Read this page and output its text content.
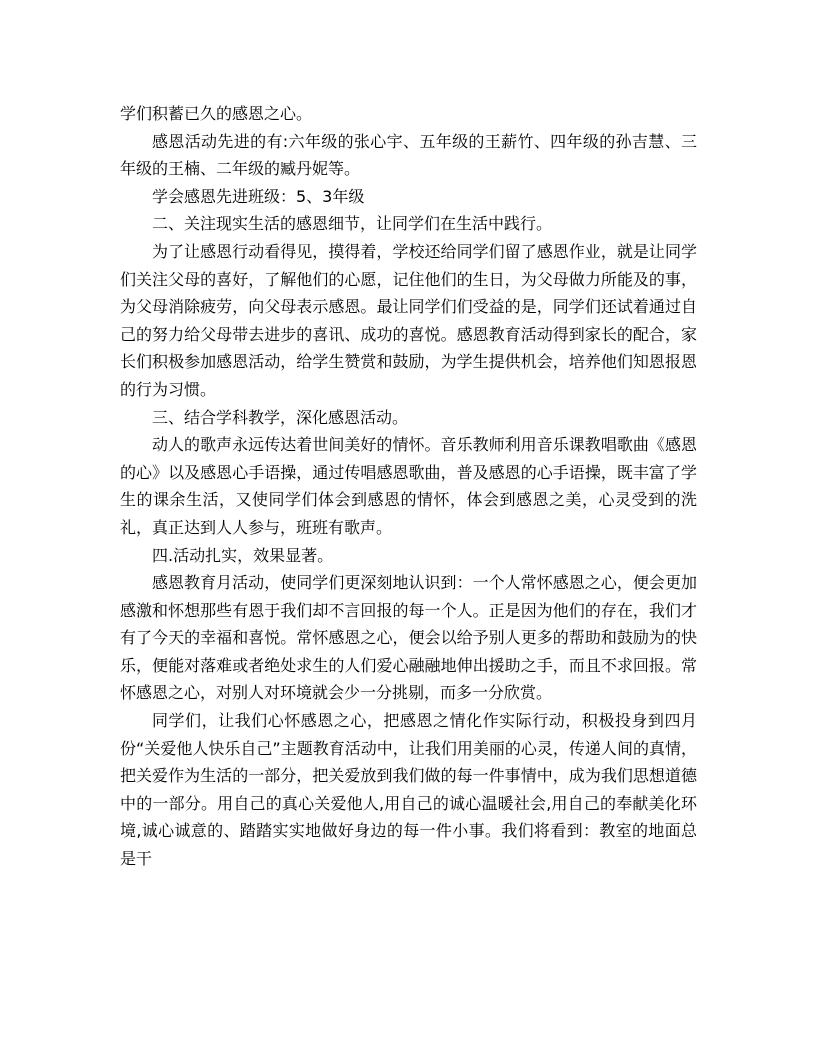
学们积蓄已久的感恩之心。

感恩活动先进的有:六年级的张心宇、五年级的王薪竹、四年级的孙吉慧、三年级的王楠、二年级的臧丹妮等。

学会感恩先进班级：5、3年级

二、关注现实生活的感恩细节，让同学们在生活中践行。

为了让感恩行动看得见，摸得着，学校还给同学们留了感恩作业，就是让同学们关注父母的喜好，了解他们的心愿，记住他们的生日，为父母做力所能及的事，为父母消除疲劳，向父母表示感恩。最让同学们们受益的是，同学们还试着通过自己的努力给父母带去进步的喜讯、成功的喜悦。感恩教育活动得到家长的配合，家长们积极参加感恩活动，给学生赞赏和鼓励，为学生提供机会，培养他们知恩报恩的行为习惯。

三、结合学科教学，深化感恩活动。

动人的歌声永远传达着世间美好的情怀。音乐教师利用音乐课教唱歌曲《感恩的心》以及感恩心手语操，通过传唱感恩歌曲，普及感恩的心手语操，既丰富了学生的课余生活，又使同学们体会到感恩的情怀，体会到感恩之美，心灵受到的洗礼，真正达到人人参与，班班有歌声。

四.活动扎实，效果显著。

感恩教育月活动，使同学们更深刻地认识到：一个人常怀感恩之心，便会更加感激和怀想那些有恩于我们却不言回报的每一个人。正是因为他们的存在，我们才有了今天的幸福和喜悦。常怀感恩之心，便会以给予别人更多的帮助和鼓励为的快乐，便能对落难或者绝处求生的人们爱心融融地伸出援助之手，而且不求回报。常怀感恩之心，对别人对环境就会少一分挑剔，而多一分欣赏。

同学们，让我们心怀感恩之心，把感恩之情化作实际行动，积极投身到四月份“关爱他人快乐自己”主题教育活动中，让我们用美丽的心灵，传递人间的真情，把关爱作为生活的一部分，把关爱放到我们做的每一件事情中，成为我们思想道德中的一部分。用自己的真心关爱他人,用自己的诚心温暖社会,用自己的奉献美化环境,诚心诚意的、踏踏实实地做好身边的每一件小事。我们将看到：教室的地面总是干
